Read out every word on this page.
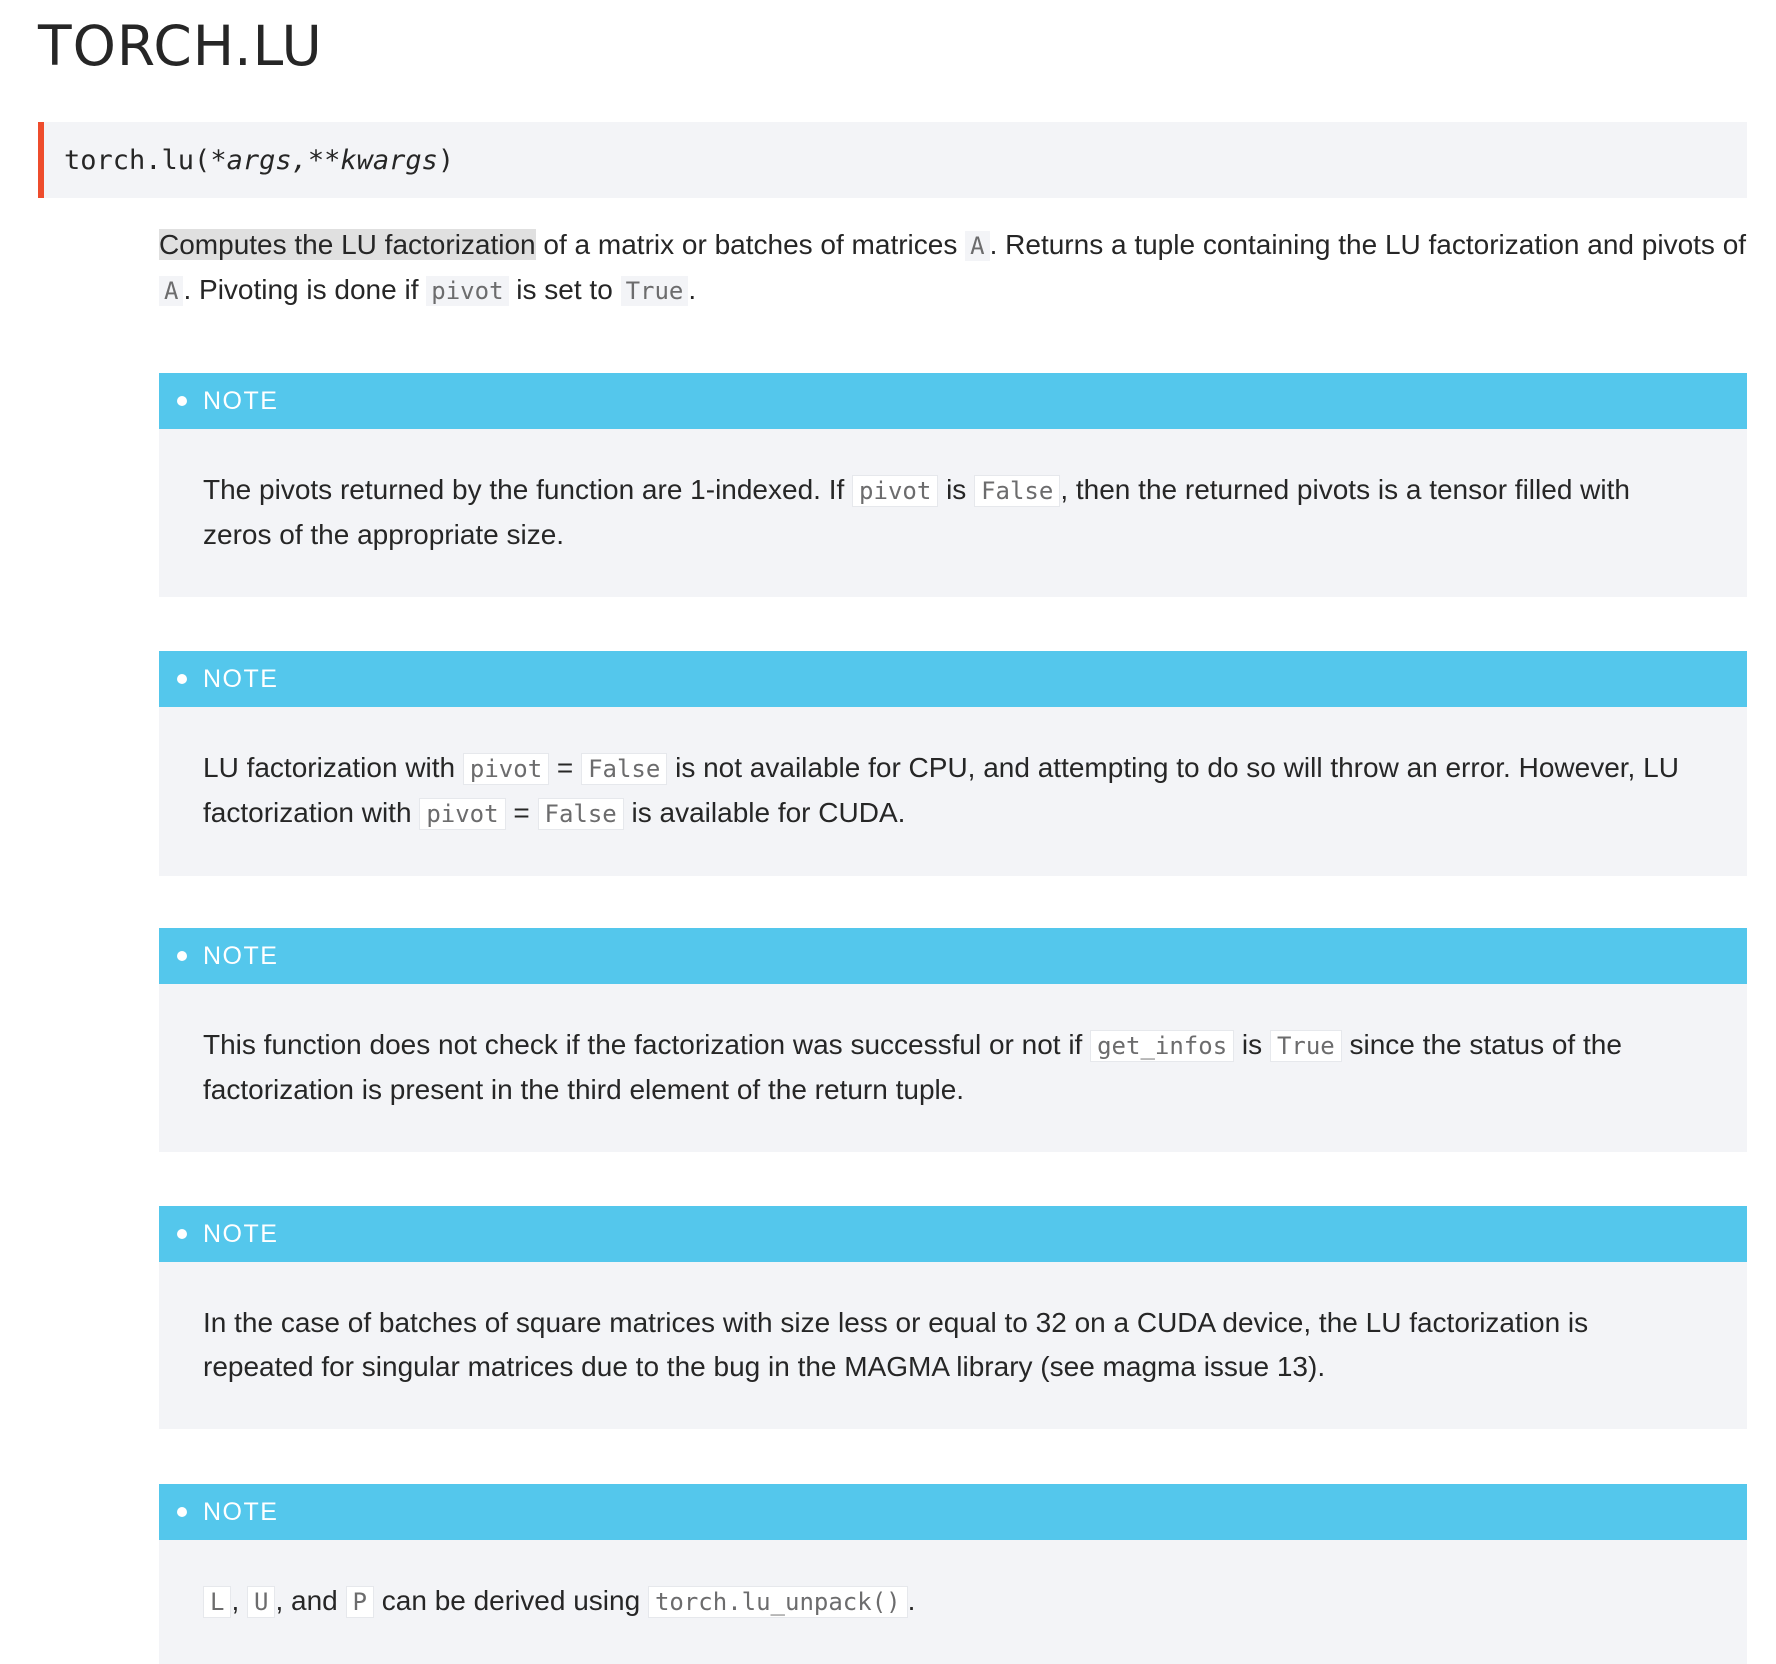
TORCH.LU
torch.lu ( *args , **kwargs )

Computes the LU factorization of a matrix or batches of matrices A . Returns a tuple containing the LU factorization and pivots of A . Pivoting is done if pivot is set to True .

NOTE
The pivots returned by the function are 1-indexed. If pivot is False , then the returned pivots is a tensor filled with zeros of the appropriate size.
NOTE
LU factorization with pivot = False is not available for CPU, and attempting to do so will throw an error. However, LU factorization with pivot = False is available for CUDA.
NOTE
This function does not check if the factorization was successful or not if get_infos is True since the status of the factorization is present in the third element of the return tuple.
NOTE
In the case of batches of square matrices with size less or equal to 32 on a CUDA device, the LU factorization is repeated for singular matrices due to the bug in the MAGMA library (see magma issue 13).
NOTE
L , U , and P can be derived using torch.lu_unpack() .
